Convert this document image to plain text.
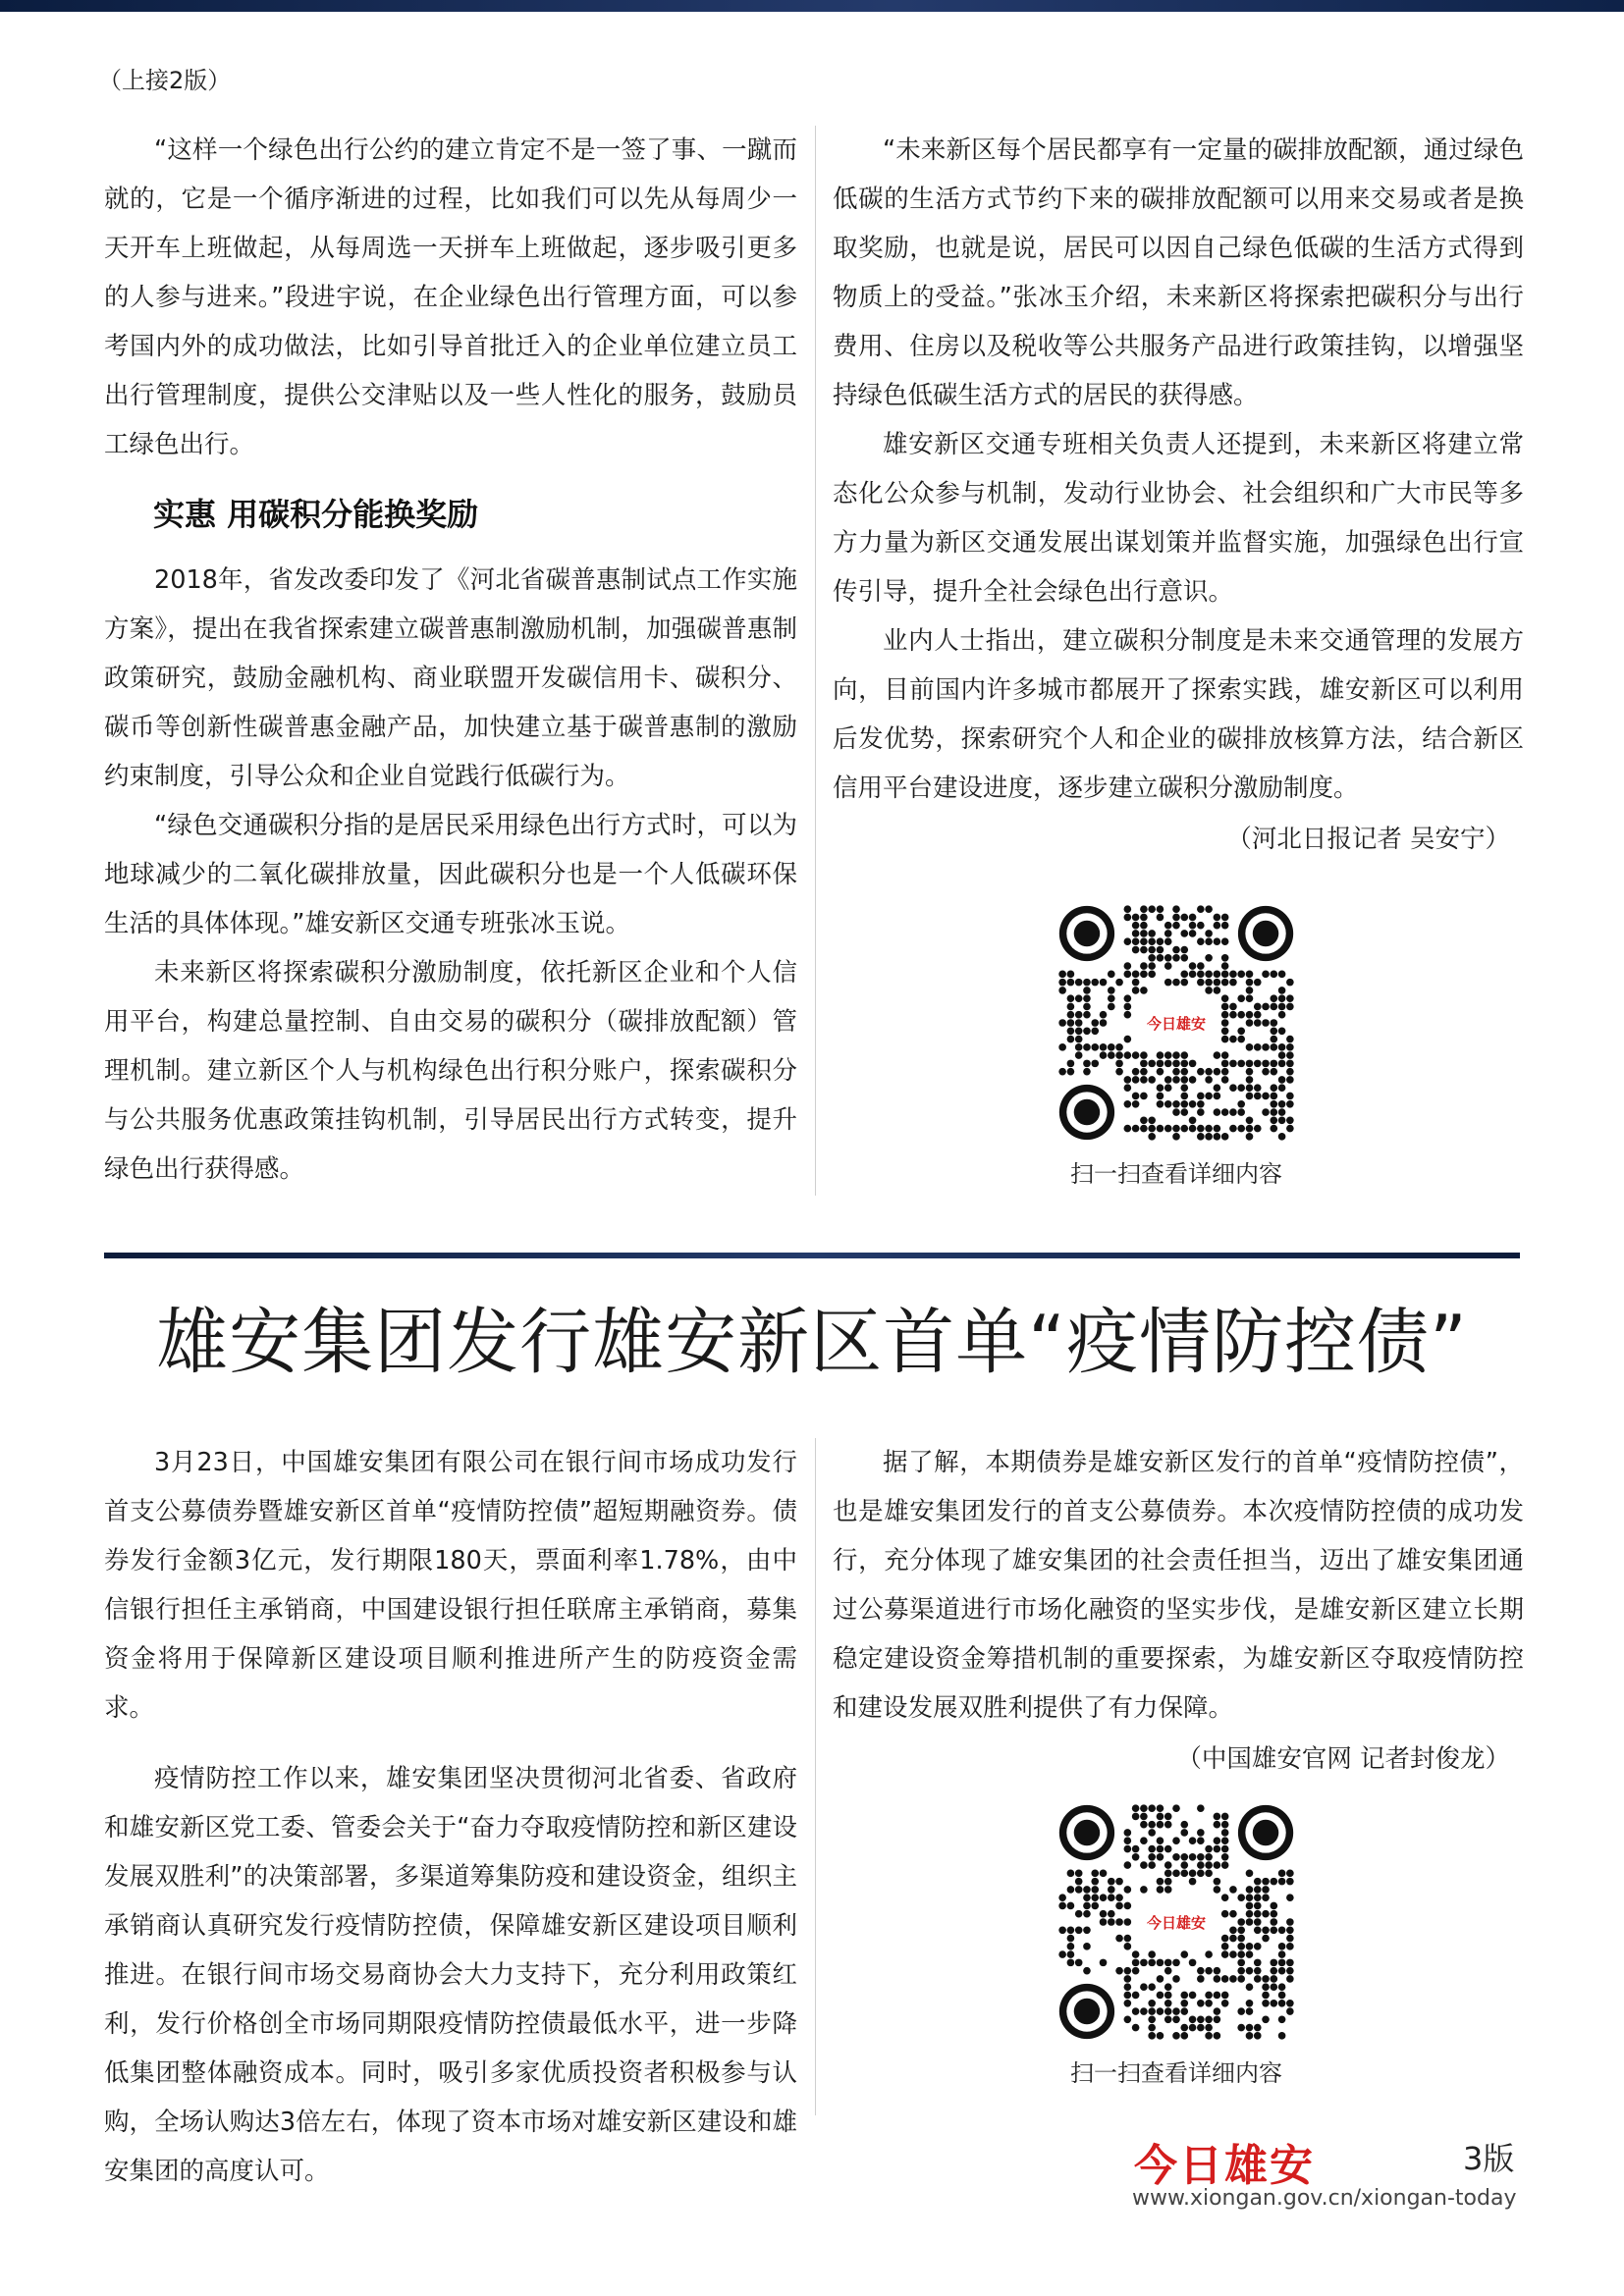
（上接2版）

“这样一个绿色出行公约的建立肯定不是一签了事、一蹴而就的，它是一个循序渐进的过程，比如我们可以先从每周少一天开车上班做起，从每周选一天拼车上班做起，逐步吸引更多的人参与进来。”段进宇说，在企业绿色出行管理方面，可以参考国内外的成功做法，比如引导首批迁入的企业单位建立员工出行管理制度，提供公交津贴以及一些人性化的服务，鼓励员工绿色出行。

实惠 用碳积分能换奖励

2018年，省发改委印发了《河北省碳普惠制试点工作实施方案》，提出在我省探索建立碳普惠制激励机制，加强碳普惠制政策研究，鼓励金融机构、商业联盟开发碳信用卡、碳积分、碳币等创新性碳普惠金融产品，加快建立基于碳普惠制的激励约束制度，引导公众和企业自觉践行低碳行为。

“绿色交通碳积分指的是居民采用绿色出行方式时，可以为地球减少的二氧化碳排放量，因此碳积分也是一个人低碳环保生活的具体体现。”雄安新区交通专班张冰玉说。

未来新区将探索碳积分激励制度，依托新区企业和个人信用平台，构建总量控制、自由交易的碳积分（碳排放配额）管理机制。建立新区个人与机构绿色出行积分账户，探索碳积分与公共服务优惠政策挂钩机制，引导居民出行方式转变，提升绿色出行获得感。

“未来新区每个居民都享有一定量的碳排放配额，通过绿色低碳的生活方式节约下来的碳排放配额可以用来交易或者是换取奖励，也就是说，居民可以因自己绿色低碳的生活方式得到物质上的受益。”张冰玉介绍，未来新区将探索把碳积分与出行费用、住房以及税收等公共服务产品进行政策挂钩，以增强坚持绿色低碳生活方式的居民的获得感。

雄安新区交通专班相关负责人还提到，未来新区将建立常态化公众参与机制，发动行业协会、社会组织和广大市民等多方力量为新区交通发展出谋划策并监督实施，加强绿色出行宣传引导，提升全社会绿色出行意识。

业内人士指出，建立碳积分制度是未来交通管理的发展方向，目前国内许多城市都展开了探索实践，雄安新区可以利用后发优势，探索研究个人和企业的碳排放核算方法，结合新区信用平台建设进度，逐步建立碳积分激励制度。

（河北日报记者 吴安宁）

今日雄安
扫一扫查看详细内容
雄安集团发行雄安新区首单“疫情防控债”

3月23日，中国雄安集团有限公司在银行间市场成功发行首支公募债券暨雄安新区首单“疫情防控债”超短期融资券。债券发行金额3亿元，发行期限180天，票面利率1.78%，由中信银行担任主承销商，中国建设银行担任联席主承销商，募集资金将用于保障新区建设项目顺利推进所产生的防疫资金需求。

疫情防控工作以来，雄安集团坚决贯彻河北省委、省政府和雄安新区党工委、管委会关于“奋力夺取疫情防控和新区建设发展双胜利”的决策部署，多渠道筹集防疫和建设资金，组织主承销商认真研究发行疫情防控债，保障雄安新区建设项目顺利推进。在银行间市场交易商协会大力支持下，充分利用政策红利，发行价格创全市场同期限疫情防控债最低水平，进一步降低集团整体融资成本。同时，吸引多家优质投资者积极参与认购，全场认购达3倍左右，体现了资本市场对雄安新区建设和雄安集团的高度认可。

据了解，本期债券是雄安新区发行的首单“疫情防控债”，也是雄安集团发行的首支公募债券。本次疫情防控债的成功发行，充分体现了雄安集团的社会责任担当，迈出了雄安集团通过公募渠道进行市场化融资的坚实步伐，是雄安新区建立长期稳定建设资金筹措机制的重要探索，为雄安新区夺取疫情防控和建设发展双胜利提供了有力保障。

（中国雄安官网 记者封俊龙）

今日雄安
扫一扫查看详细内容
今日雄安	3版
www.xiongan.gov.cn/xiongan-today
